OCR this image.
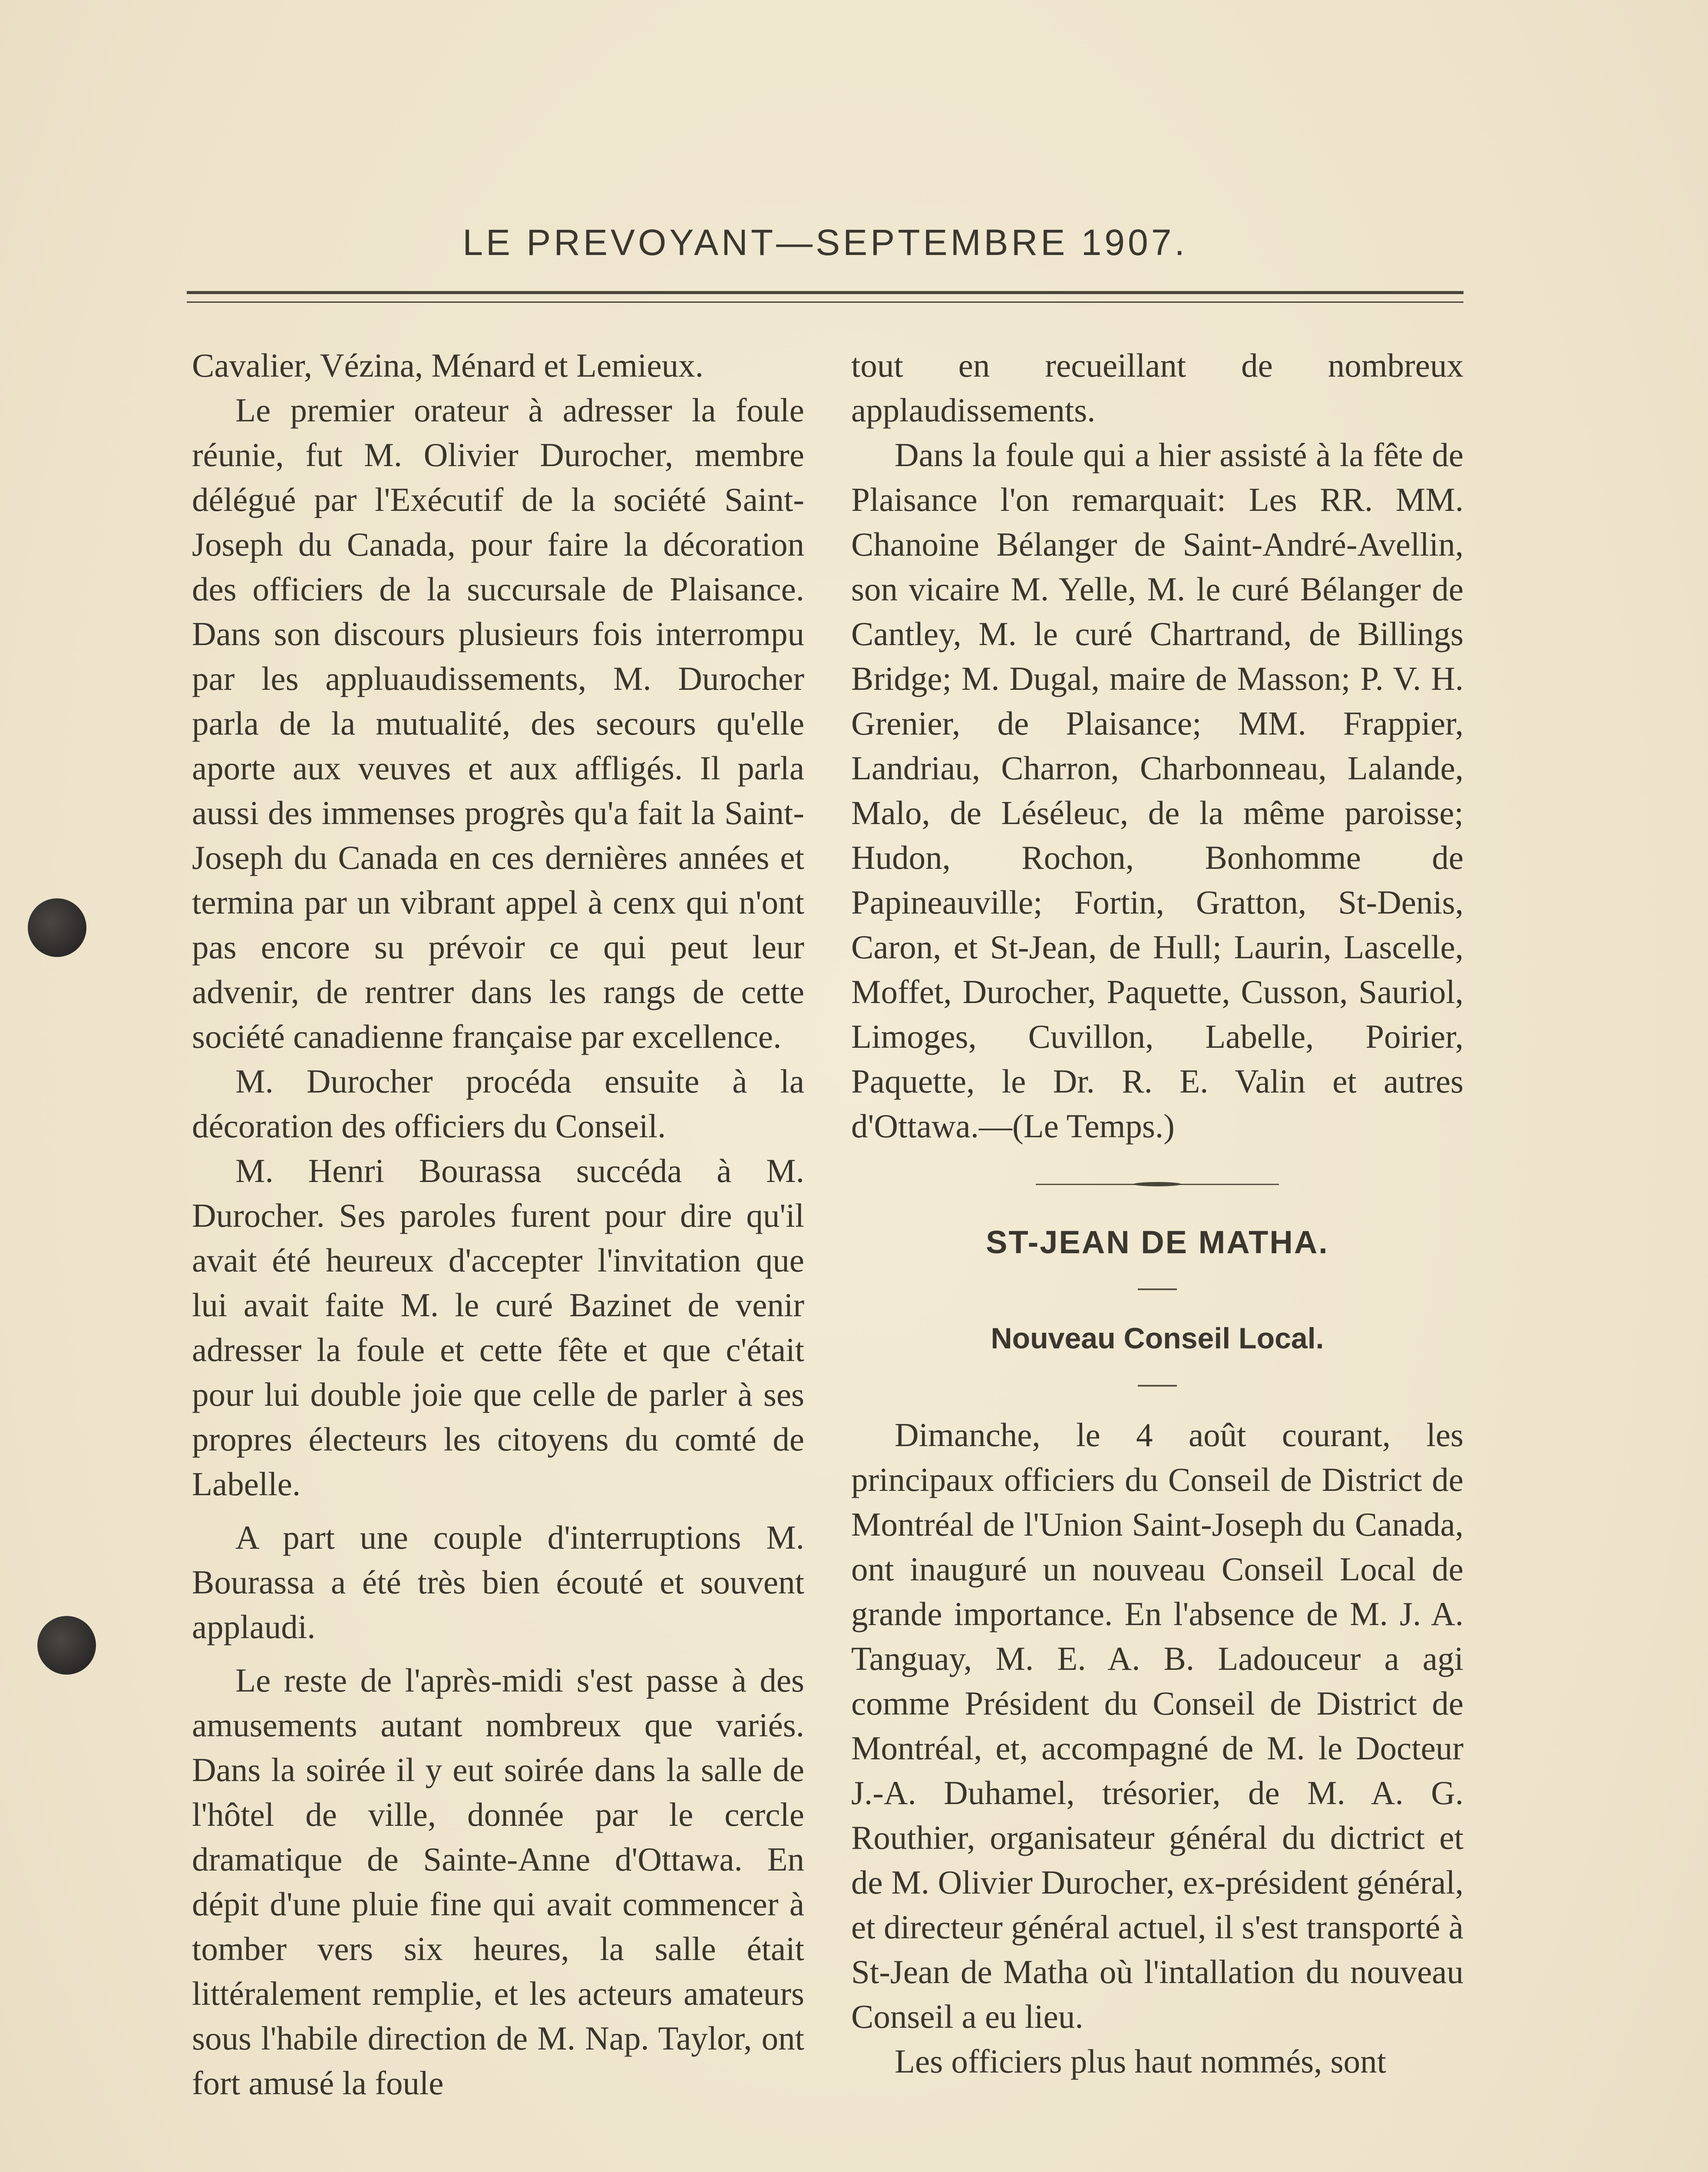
LE PREVOYANT—SEPTEMBRE 1907.

Cavalier, Vézina, Ménard et Lemieux.

Le premier orateur à adresser la foule réunie, fut M. Olivier Durocher, membre délégué par l'Exécutif de la société Saint-Joseph du Canada, pour faire la décoration des officiers de la succursale de Plaisance. Dans son discours plusieurs fois interrompu par les appluaudissements, M. Durocher parla de la mutualité, des secours qu'elle aporte aux veuves et aux affligés. Il parla aussi des immenses progrès qu'a fait la Saint-Joseph du Canada en ces dernières années et termina par un vibrant appel à cenx qui n'ont pas encore su prévoir ce qui peut leur advenir, de rentrer dans les rangs de cette société canadienne française par excellence.

M. Durocher procéda ensuite à la décoration des officiers du Conseil.

M. Henri Bourassa succéda à M. Durocher. Ses paroles furent pour dire qu'il avait été heureux d'accepter l'invitation que lui avait faite M. le curé Bazinet de venir adresser la foule et cette fête et que c'était pour lui double joie que celle de parler à ses propres électeurs les citoyens du comté de Labelle.

A part une couple d'interruptions M. Bourassa a été très bien écouté et souvent applaudi.

Le reste de l'après-midi s'est passe à des amusements autant nombreux que variés. Dans la soirée il y eut soirée dans la salle de l'hôtel de ville, donnée par le cercle dramatique de Sainte-Anne d'Ottawa. En dépit d'une pluie fine qui avait commencer à tomber vers six heures, la salle était littéralement remplie, et les acteurs amateurs sous l'habile direction de M. Nap. Taylor, ont fort amusé la foule

tout en recueillant de nombreux applaudissements.

Dans la foule qui a hier assisté à la fête de Plaisance l'on remarquait: Les RR. MM. Chanoine Bélanger de Saint-André-Avellin, son vicaire M. Yelle, M. le curé Bélanger de Cantley, M. le curé Chartrand, de Billings Bridge; M. Dugal, maire de Masson; P. V. H. Grenier, de Plaisance; MM. Frappier, Landriau, Charron, Charbonneau, Lalande, Malo, de Léséleuc, de la même paroisse; Hudon, Rochon, Bonhomme de Papineauville; Fortin, Gratton, St-Denis, Caron, et St-Jean, de Hull; Laurin, Lascelle, Moffet, Durocher, Paquette, Cusson, Sauriol, Limoges, Cuvillon, Labelle, Poirier, Paquette, le Dr. R. E. Valin et autres d'Ottawa.—(Le Temps.)

ST-JEAN DE MATHA.
Nouveau Conseil Local.

Dimanche, le 4 août courant, les principaux officiers du Conseil de District de Montréal de l'Union Saint-Joseph du Canada, ont inauguré un nouveau Conseil Local de grande importance. En l'absence de M. J. A. Tanguay, M. E. A. B. Ladouceur a agi comme Président du Conseil de District de Montréal, et, accompagné de M. le Docteur J.-A. Duhamel, trésorier, de M. A. G. Routhier, organisateur général du dictrict et de M. Olivier Durocher, ex-président général, et directeur général actuel, il s'est transporté à St-Jean de Matha où l'intallation du nouveau Conseil a eu lieu.

Les officiers plus haut nommés, sont
